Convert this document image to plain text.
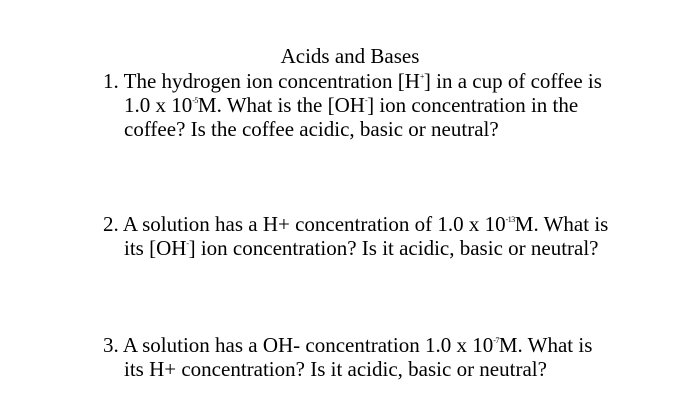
Acids and Bases
1. The hydrogen ion concentration [H+] in a cup of coffee is
1.0 x $10^{-5}M$. What is the [OH-] ion concentration in the
coffee? Is the coffee acidic, basic or neutral?
2. A solution has a H+ concentration of 1.0 x $10^{-13}M$. What is
its [OH-] ion concentration? Is it acidic, basic or neutral?
3. A solution has a OH- concentration 1.0 x $10^{-7}M$. What is
its H+ concentration? Is it acidic, basic or neutral?
